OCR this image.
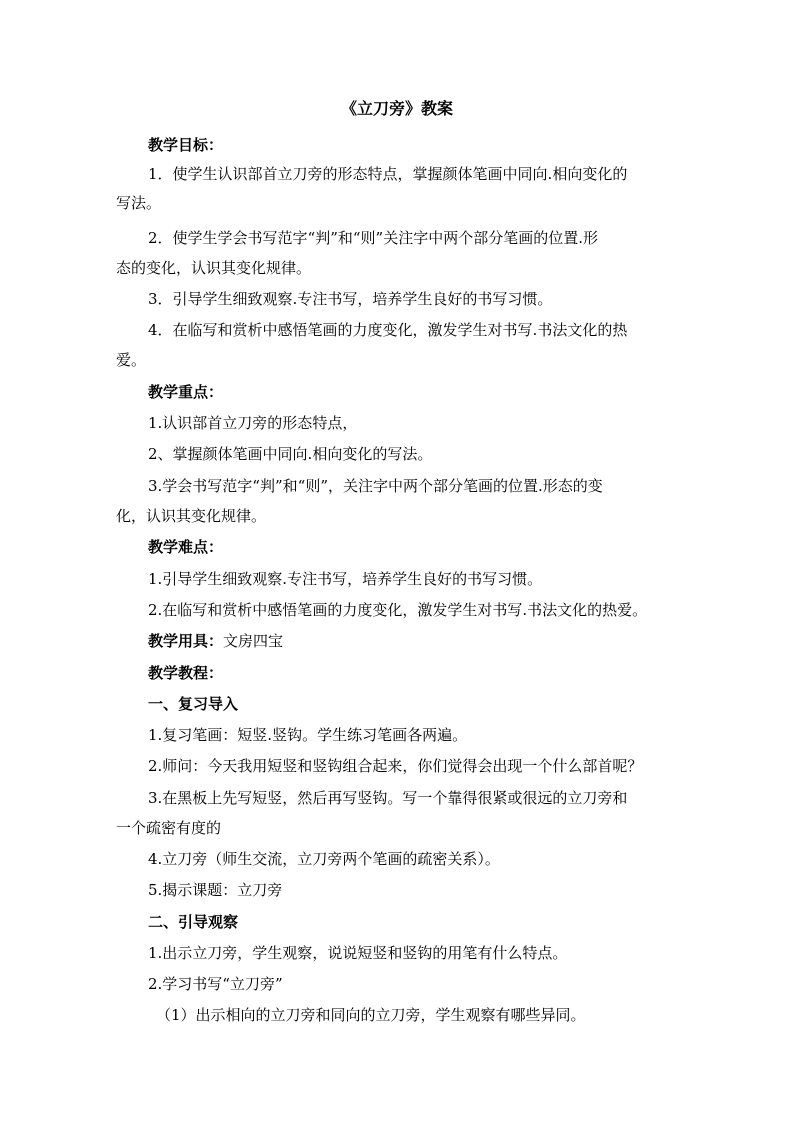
《立刀旁》教案
教学目标：
1．使学生认识部首立刀旁的形态特点，掌握颜体笔画中同向.相向变化的
写法。
2．使学生学会书写范字“判”和“则”关注字中两个部分笔画的位置.形
态的变化，认识其变化规律。
3．引导学生细致观察.专注书写，培养学生良好的书写习惯。
4．在临写和赏析中感悟笔画的力度变化，激发学生对书写.书法文化的热
爱。
教学重点：
1.认识部首立刀旁的形态特点，
2、掌握颜体笔画中同向.相向变化的写法。
3.学会书写范字“判”和“则”，关注字中两个部分笔画的位置.形态的变
化，认识其变化规律。
教学难点：
1.引导学生细致观察.专注书写，培养学生良好的书写习惯。
2.在临写和赏析中感悟笔画的力度变化，激发学生对书写.书法文化的热爱。
教学用具：文房四宝
教学教程：
一、复习导入
1.复习笔画：短竖.竖钩。学生练习笔画各两遍。
2.师问：今天我用短竖和竖钩组合起来，你们觉得会出现一个什么部首呢？
3.在黑板上先写短竖，然后再写竖钩。写一个靠得很紧或很远的立刀旁和
一个疏密有度的
4.立刀旁（师生交流，立刀旁两个笔画的疏密关系）。
5.揭示课题：立刀旁
二、引导观察
1.出示立刀旁，学生观察，说说短竖和竖钩的用笔有什么特点。
2.学习书写“立刀旁”
（1）出示相向的立刀旁和同向的立刀旁，学生观察有哪些异同。
